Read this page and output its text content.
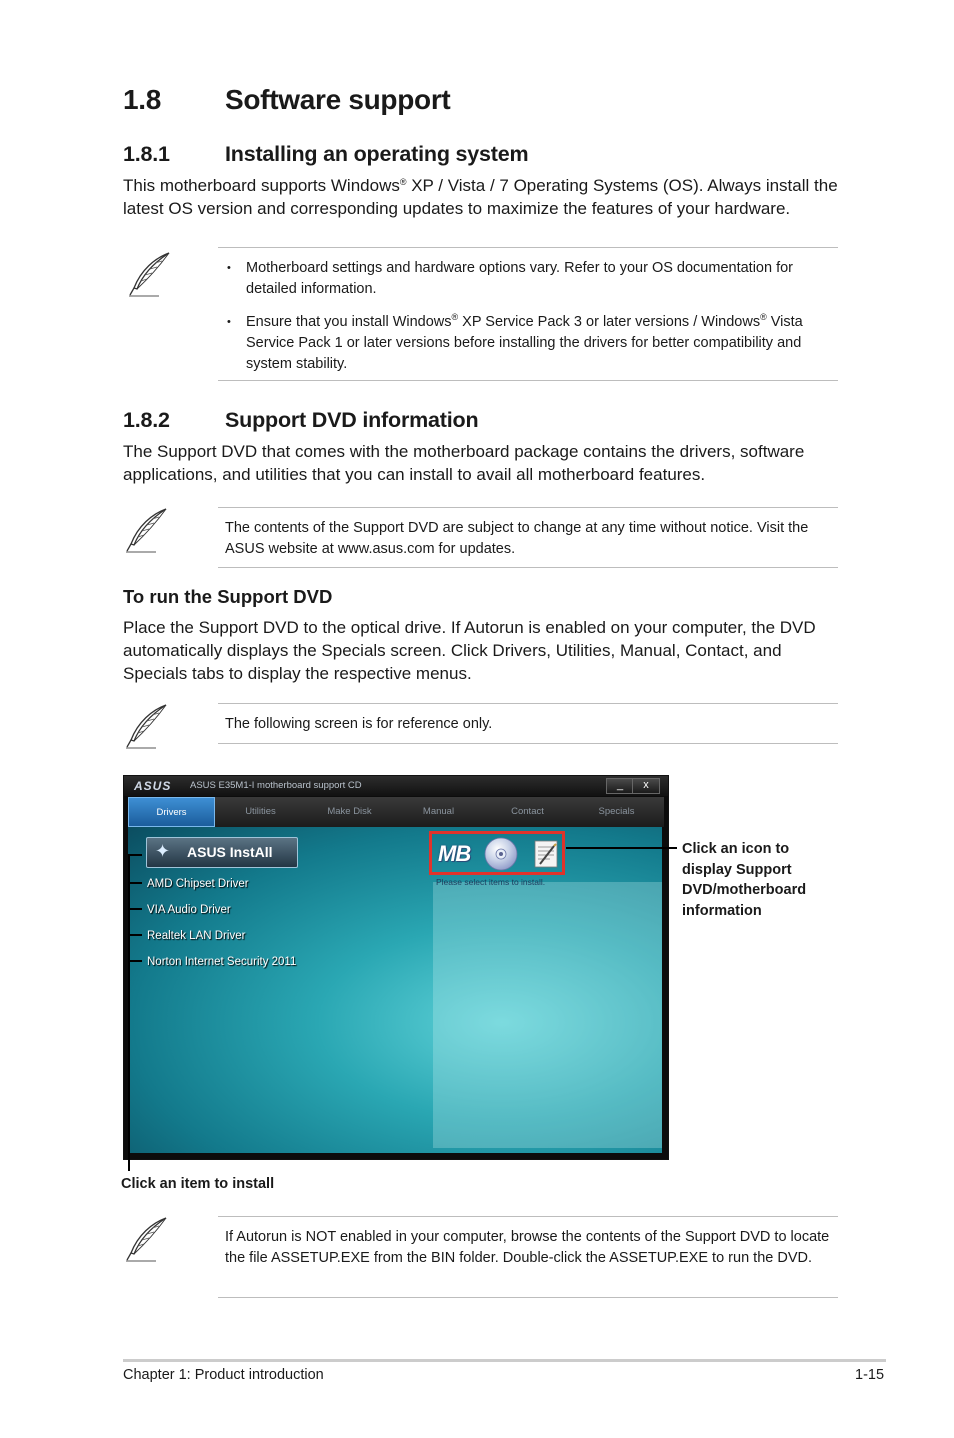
1.8 Software support
1.8.1	Installing an operating system

This motherboard supports Windows® XP / Vista / 7 Operating Systems (OS). Always install the latest OS version and corresponding updates to maximize the features of your hardware.

• Motherboard settings and hardware options vary. Refer to your OS documentation for detailed information.
• Ensure that you install Windows® XP Service Pack 3 or later versions / Windows® Vista Service Pack 1 or later versions before installing the drivers for better compatibility and system stability.
1.8.2	Support DVD information

The Support DVD that comes with the motherboard package contains the drivers, software applications, and utilities that you can install to avail all motherboard features.

The contents of the Support DVD are subject to change at any time without notice. Visit the ASUS website at www.asus.com for updates.

To run the Support DVD

Place the Support DVD to the optical drive. If Autorun is enabled on your computer, the DVD automatically displays the Specials screen. Click Drivers, Utilities, Manual, Contact, and Specials tabs to display the respective menus.

The following screen is for reference only.

ASUS ASUS E35M1-I motherboard support CD	_	x
Drivers	Utilities	Make Disk	Manual	Contact	Specials
✦ ASUS InstAll
AMD Chipset Driver
VIA Audio Driver
Realtek LAN Driver
Norton Internet Security 2011
MB
Please select items to install.
Click an icon to display Support DVD/motherboard information
Click an item to install

If Autorun is NOT enabled in your computer, browse the contents of the Support DVD to locate the file ASSETUP.EXE from the BIN folder. Double-click the ASSETUP.EXE to run the DVD.

Chapter 1: Product introduction	1-15
